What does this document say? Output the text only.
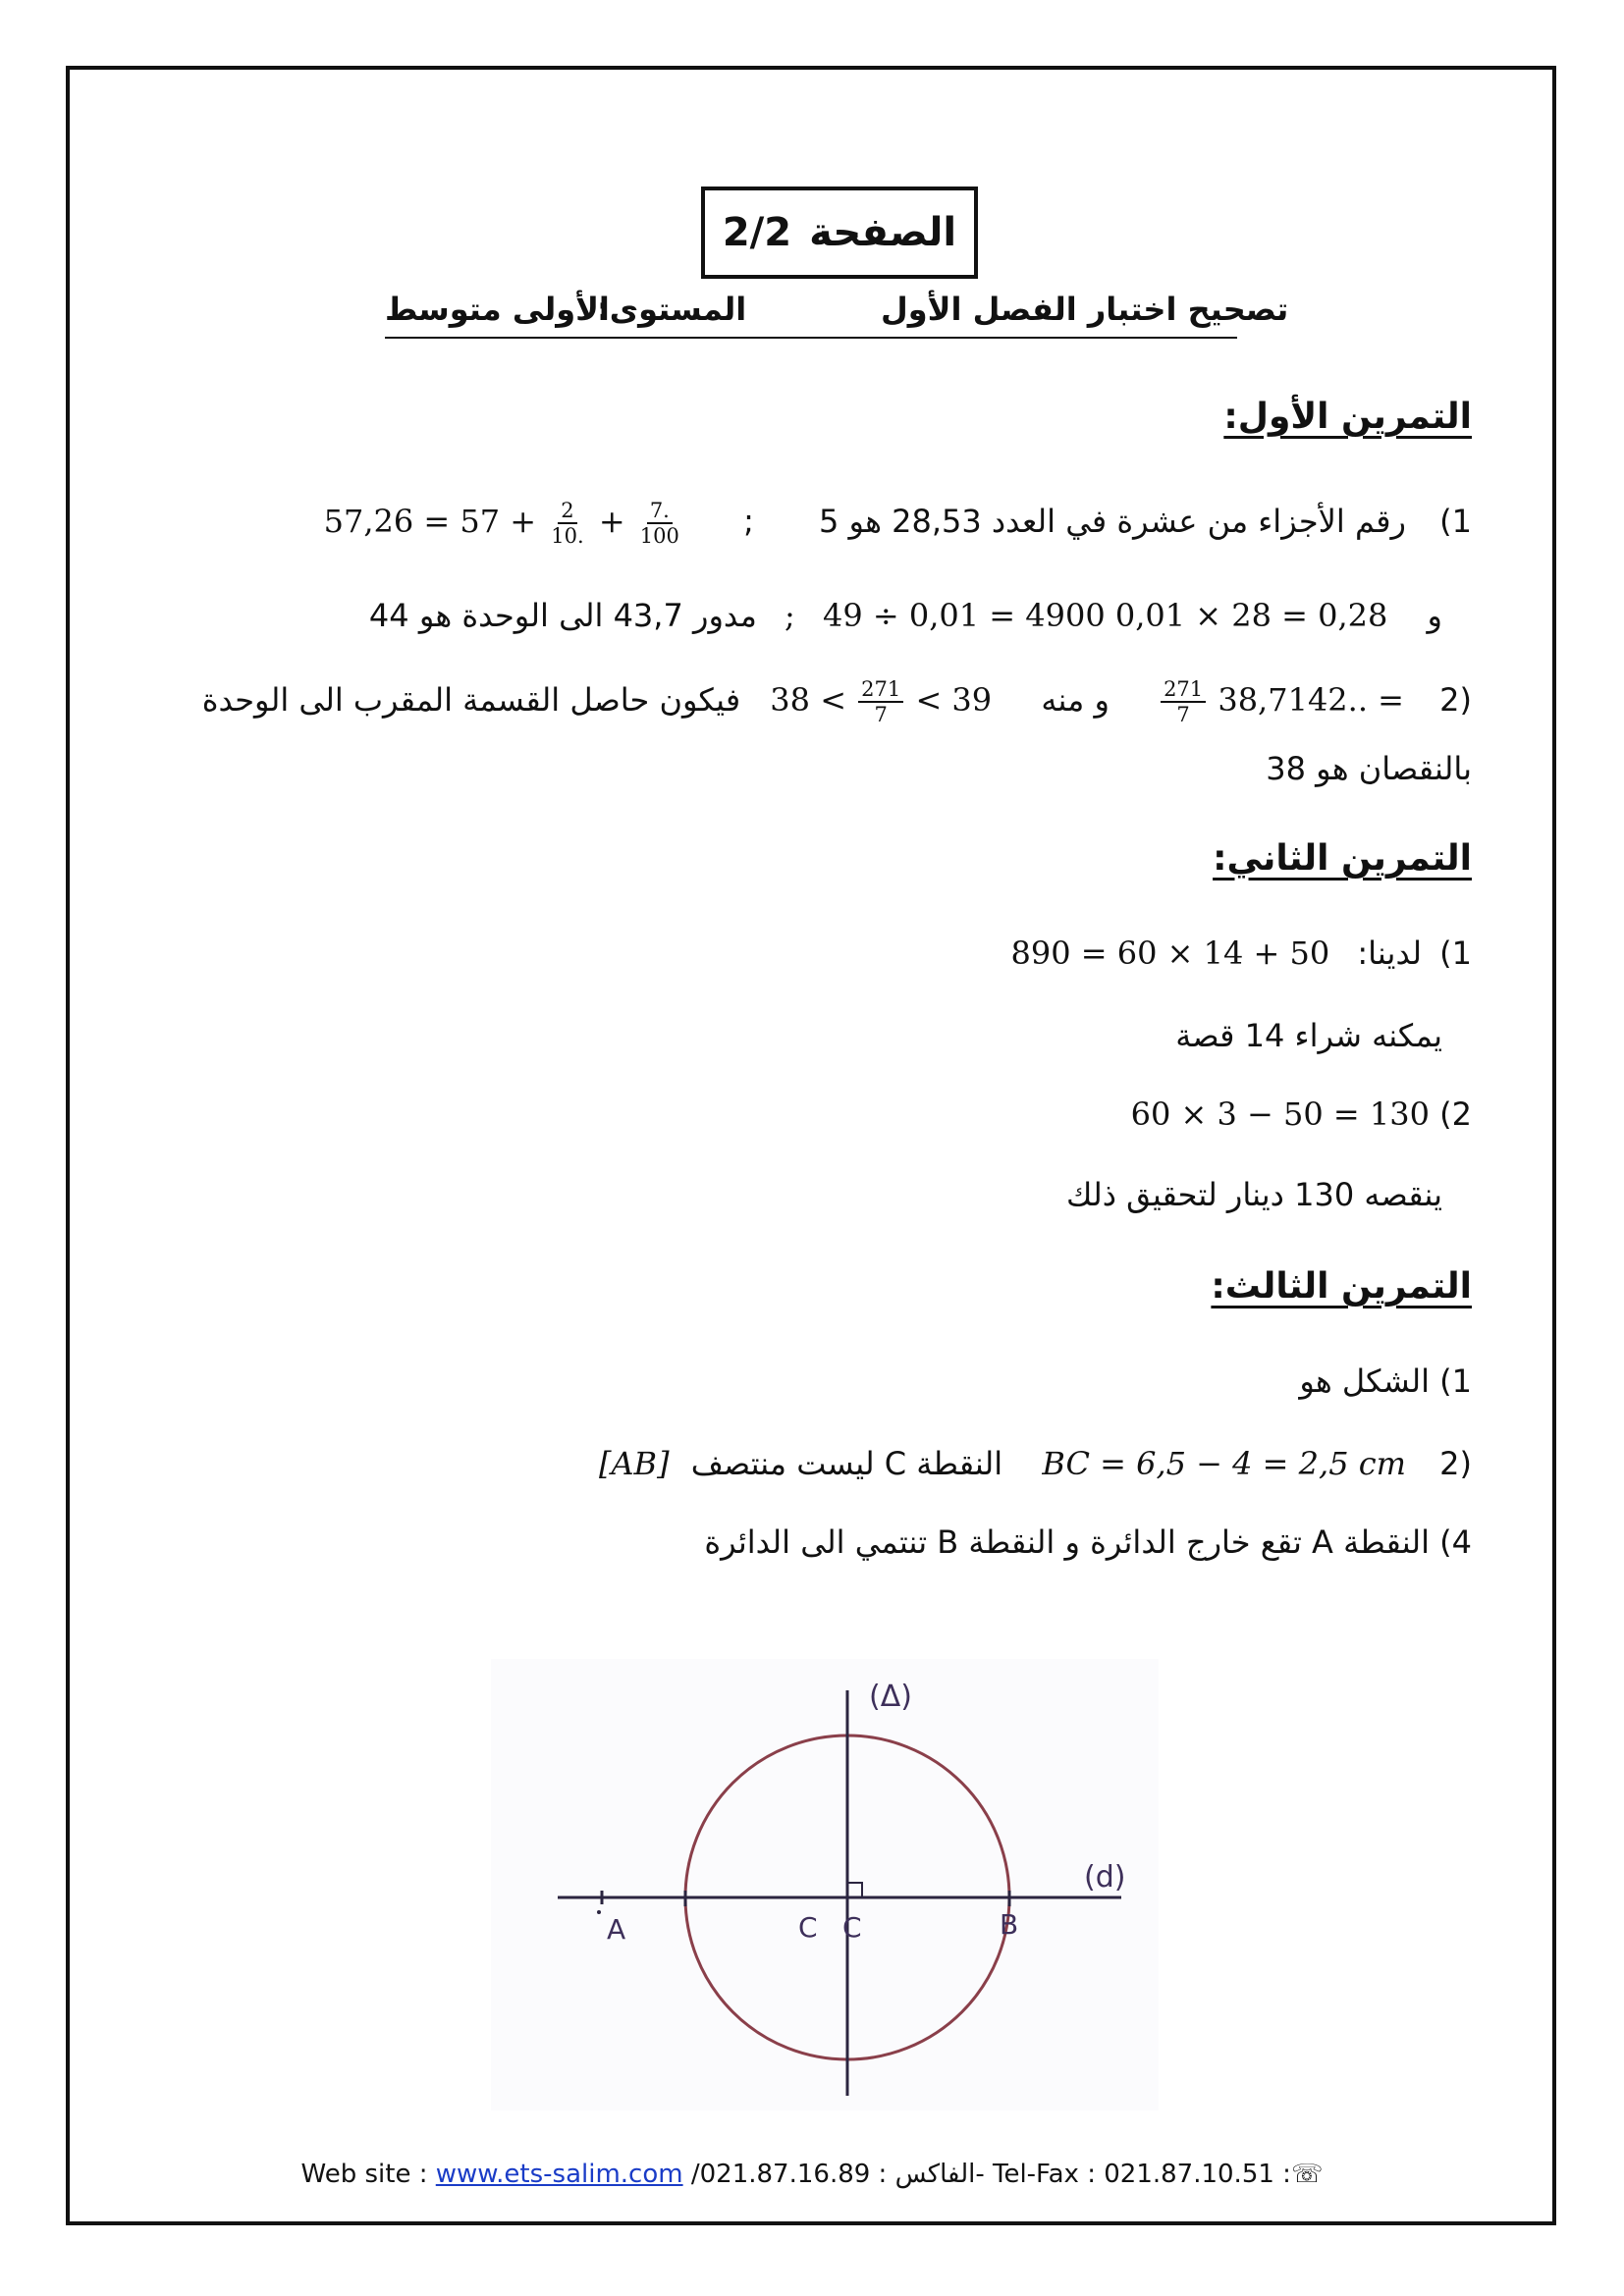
الصفحة
2/2
تصحيح اختبار الفصل الأول
المستوى:
الأولى متوسط
التمرين الأول:
1) رقم الأجزاء من عشرة في العدد 28,53 هو 5 ; $57,26 = 57 + \frac{2}{10.} + \frac{7.}{100}$
مدور 43,7 الى الوحدة هو 44 ; 49 ÷ 0,01 = 4900	و 0,28 = 28 × 0,01
فيكون حاصل القسمة المقرب الى الوحدة $38 < \frac{271}{7} < 39$ و منه $\frac{271}{7} 38,7142$.. = 2)
بالنقصان هو 38
التمرين الثاني:
1) لدينا: 890 = 60 × 14 + 50
يمكنه شراء 14 قصة
2) 60 × 3 − 50 = 130
ينقصه 130 دينار لتحقيق ذلك
التمرين الثالث:
1) الشكل هو
[AB] النقطة C ليست منتصف BC = 6,5 − 4 = 2,5 cm 2)
4) النقطة A تقع خارج الدائرة و النقطة B تنتمي الى الدائرة
(Δ)
(d)
A	C C	B
Web site : www.ets-salim.com /021.87.16.89 : الفاكس- Tel-Fax : 021.87.10.51 :☏
